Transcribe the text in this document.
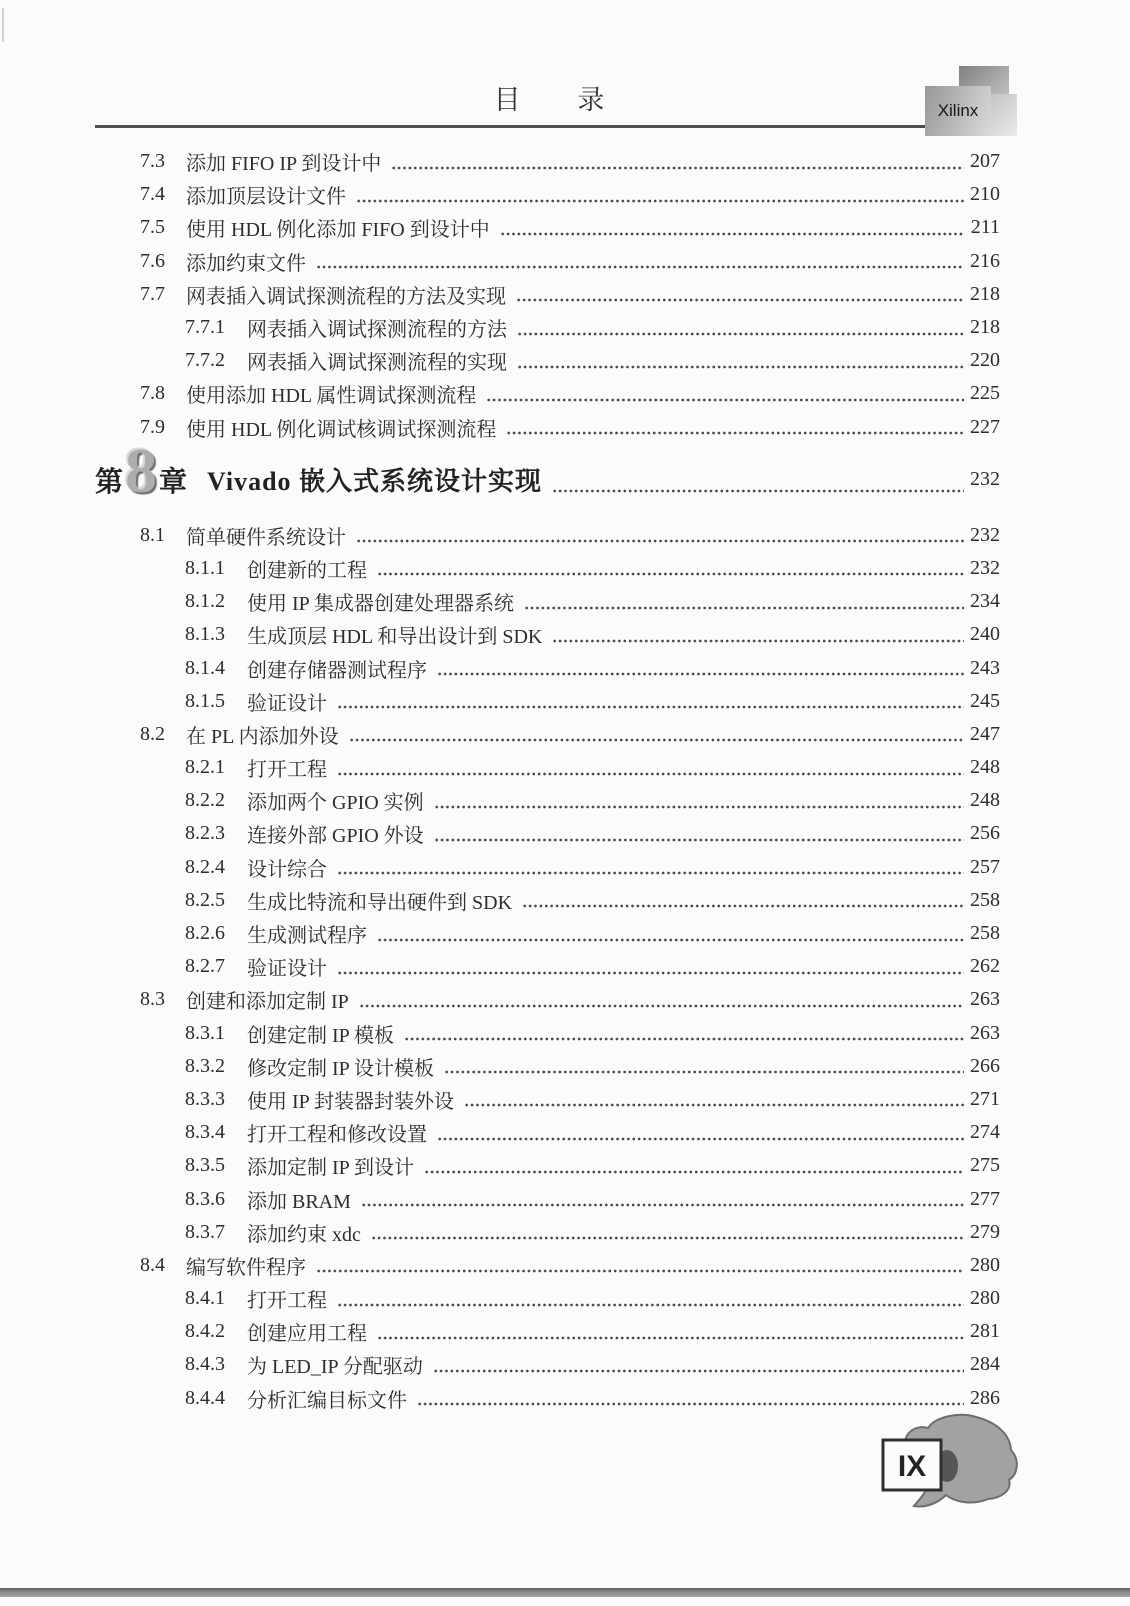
目 录	Xilinx
7.3	添加 FIFO IP 到设计中	207
7.4	添加顶层设计文件	210
7.5	使用 HDL 例化添加 FIFO 到设计中	211
7.6	添加约束文件	216
7.7	网表插入调试探测流程的方法及实现	218
7.7.1	网表插入调试探测流程的方法	218
7.7.2	网表插入调试探测流程的实现	220
7.8	使用添加 HDL 属性调试探测流程	225
7.9	使用 HDL 例化调试核调试探测流程	227
第 8 章 Vivado 嵌入式系统设计实现	232
8.1	简单硬件系统设计	232
8.1.1	创建新的工程	232
8.1.2	使用 IP 集成器创建处理器系统	234
8.1.3	生成顶层 HDL 和导出设计到 SDK	240
8.1.4	创建存储器测试程序	243
8.1.5	验证设计	245
8.2	在 PL 内添加外设	247
8.2.1	打开工程	248
8.2.2	添加两个 GPIO 实例	248
8.2.3	连接外部 GPIO 外设	256
8.2.4	设计综合	257
8.2.5	生成比特流和导出硬件到 SDK	258
8.2.6	生成测试程序	258
8.2.7	验证设计	262
8.3	创建和添加定制 IP	263
8.3.1	创建定制 IP 模板	263
8.3.2	修改定制 IP 设计模板	266
8.3.3	使用 IP 封装器封装外设	271
8.3.4	打开工程和修改设置	274
8.3.5	添加定制 IP 到设计	275
8.3.6	添加 BRAM	277
8.3.7	添加约束 xdc	279
8.4	编写软件程序	280
8.4.1	打开工程	280
8.4.2	创建应用工程	281
8.4.3	为 LED_IP 分配驱动	284
8.4.4	分析汇编目标文件	286
IX
